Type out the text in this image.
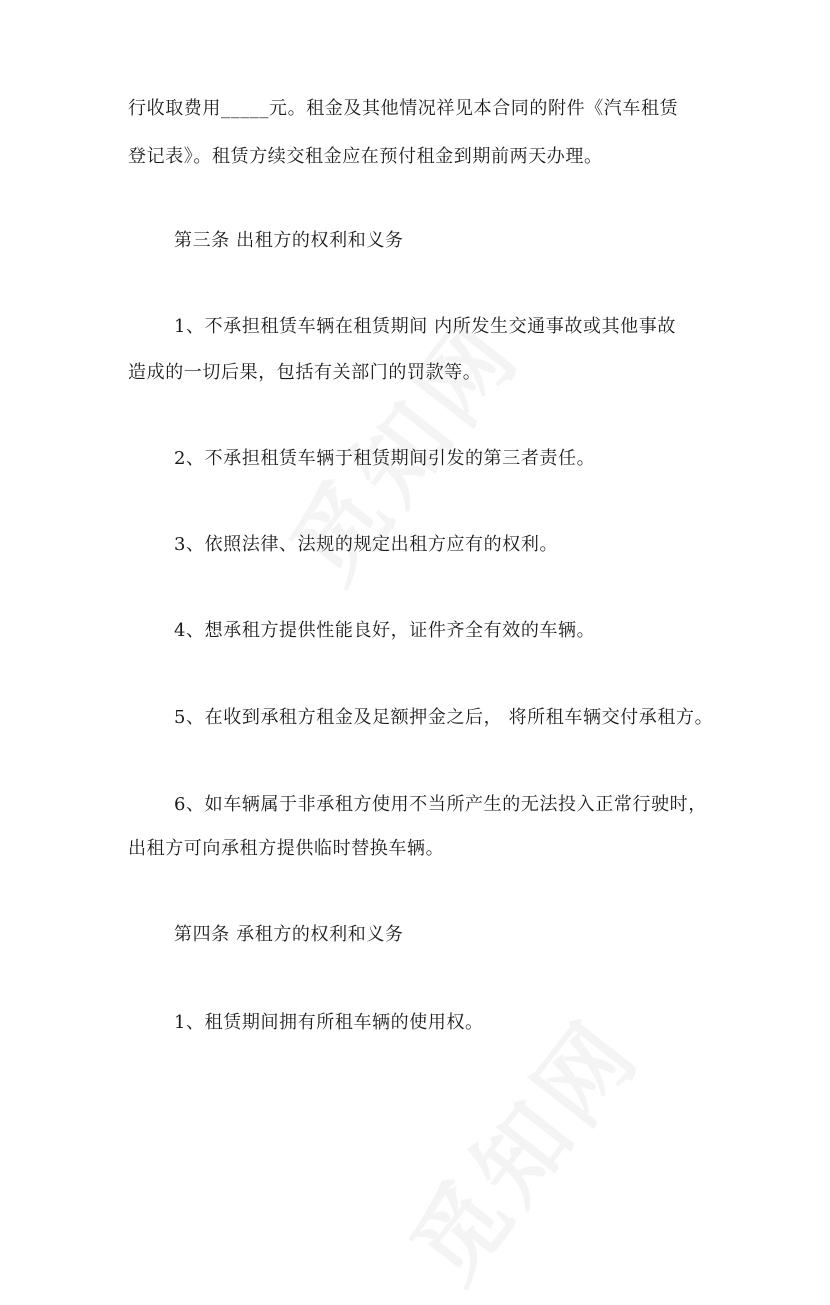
行收取费用_____元。租金及其他情况祥见本合同的附件《汽车租赁
登记表》。租赁方续交租金应在预付租金到期前两天办理。
第三条 出租方的权利和义务
1、不承担租赁车辆在租赁期间 内所发生交通事故或其他事故
造成的一切后果，包括有关部门的罚款等。
2、不承担租赁车辆于租赁期间引发的第三者责任。
3、依照法律、法规的规定出租方应有的权利。
4、想承租方提供性能良好，证件齐全有效的车辆。
5、在收到承租方租金及足额押金之后， 将所租车辆交付承租方。
6、如车辆属于非承租方使用不当所产生的无法投入正常行驶时，
出租方可向承租方提供临时替换车辆。
第四条 承租方的权利和义务
1、租赁期间拥有所租车辆的使用权。
